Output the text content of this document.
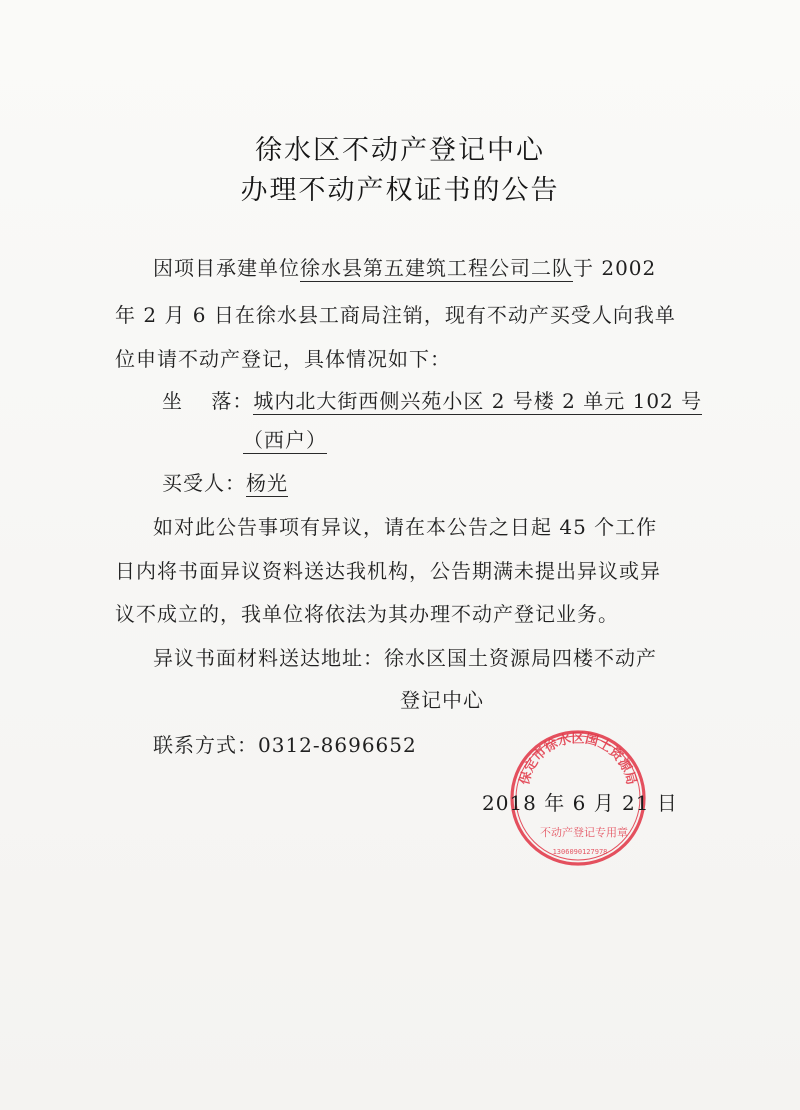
徐水区不动产登记中心
办理不动产权证书的公告
因项目承建单位徐水县第五建筑工程公司二队于 2002
年 2 月 6 日在徐水县工商局注销，现有不动产买受人向我单
位申请不动产登记，具体情况如下：
坐　 落：城内北大街西侧兴苑小区 2 号楼 2 单元 102 号
（西户）
买受人：杨光
如对此公告事项有异议，请在本公告之日起 45 个工作
日内将书面异议资料送达我机构，公告期满未提出异议或异
议不成立的，我单位将依法为其办理不动产登记业务。
异议书面材料送达地址：徐水区国土资源局四楼不动产
登记中心
联系方式：0312-8696652
保定市徐水区国土资源局
不动产登记专用章
1306090127978
2018 年 6 月 21 日
